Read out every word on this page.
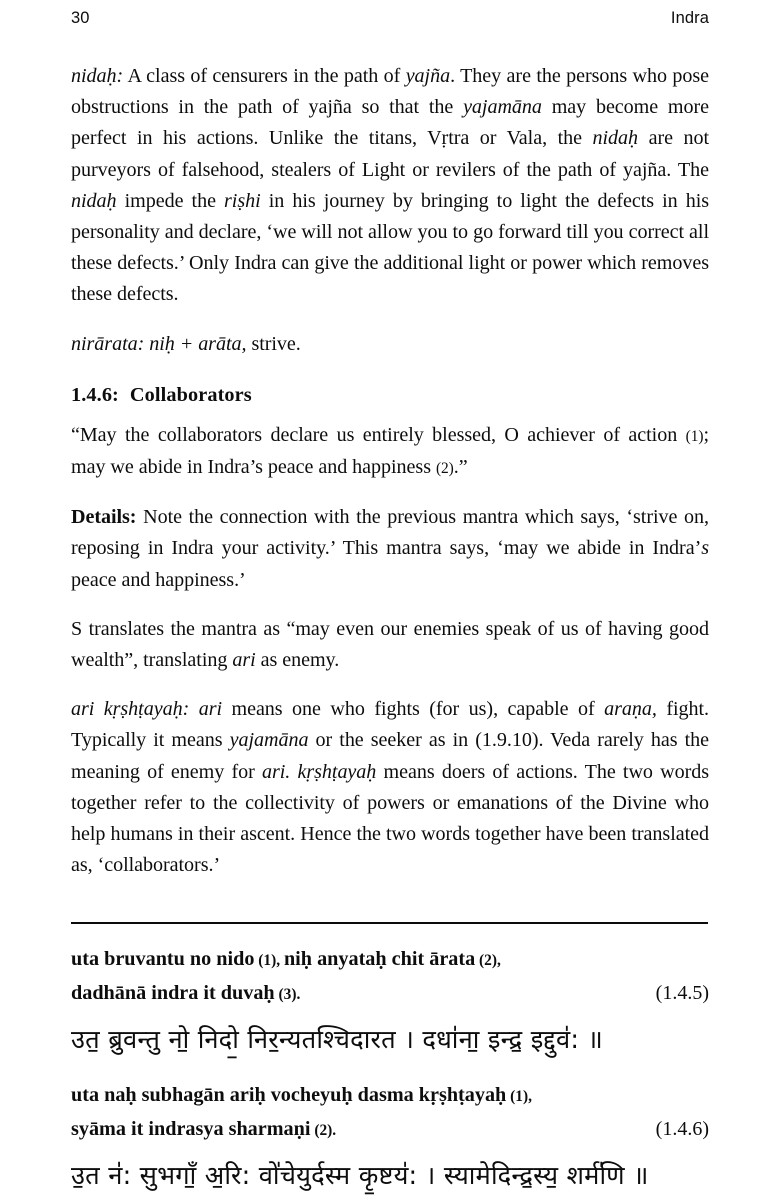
30	Indra

nidaḥ: A class of censurers in the path of yajña. They are the persons who pose obstructions in the path of yajña so that the yajamāna may become more perfect in his actions. Unlike the titans, Vṛtra or Vala, the nidaḥ are not purveyors of falsehood, stealers of Light or revilers of the path of yajña. The nidaḥ impede the riṣhi in his journey by bringing to light the defects in his personality and declare, ‘we will not allow you to go forward till you correct all these defects.’ Only Indra can give the additional light or power which removes these defects.

nirārata: niḥ + arāta, strive.

1.4.6: Collaborators

“May the collaborators declare us entirely blessed, O achiever of action (1); may we abide in Indra’s peace and happiness (2).”

Details: Note the connection with the previous mantra which says, ‘strive on, reposing in Indra your activity.’ This mantra says, ‘may we abide in Indra’s peace and happiness.’

S translates the mantra as “may even our enemies speak of us of having good wealth”, translating ari as enemy.

ari kṛṣhṭayaḥ: ari means one who fights (for us), capable of araṇa, fight. Typically it means yajamāna or the seeker as in (1.9.10). Veda rarely has the meaning of enemy for ari. kṛṣhṭayaḥ means doers of actions. The two words together refer to the collectivity of powers or emanations of the Divine who help humans in their ascent. Hence the two words together have been translated as, ‘collaborators.’

uta bruvantu no nido (1), niḥ anyataḥ chit ārata (2),
dadhānā indra it duvaḥ (3).	(1.4.5)
उत॒ ब्रुवन्तु नो॒ निदो॒ निर॒न्यतश्चिदारत । दधा॑ना॒ इन्द्र॒ इद्दुव॑: ॥
uta naḥ subhagān ariḥ vocheyuḥ dasma kṛṣhṭayaḥ (1),
syāma it indrasya sharmaṇi (2).	(1.4.6)
उ॒त न॑: सुभगाँ॒ अ॒रि: वो॑चेयुर्दस्म कृ॒ष्टय॑: । स्यामेदिन्द्र॒स्य॒ शर्म॑णि ॥
